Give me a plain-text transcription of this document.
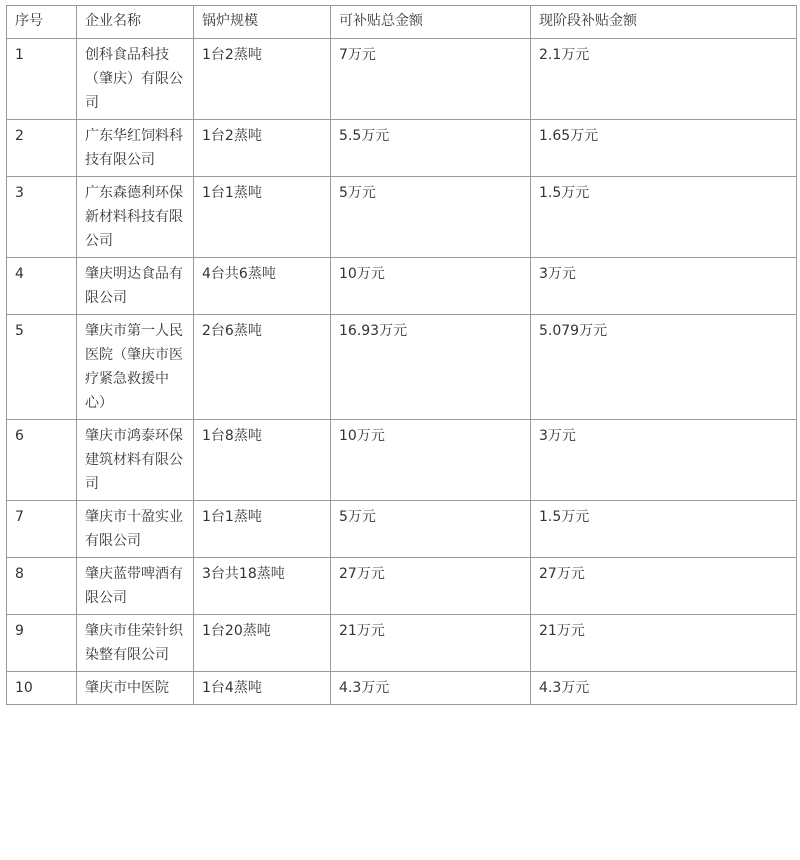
序号	企业名称	锅炉规模	可补贴总金额	现阶段补贴金额
1	创科食品科技（肇庆）有限公司	1台2蒸吨	7万元	2.1万元
2	广东华红饲料科技有限公司	1台2蒸吨	5.5万元	1.65万元
3	广东森德利环保新材料科技有限公司	1台1蒸吨	5万元	1.5万元
4	肇庆明达食品有限公司	4台共6蒸吨	10万元	3万元
5	肇庆市第一人民医院（肇庆市医疗紧急救援中心）	2台6蒸吨	16.93万元	5.079万元
6	肇庆市鸿泰环保建筑材料有限公司	1台8蒸吨	10万元	3万元
7	肇庆市十盈实业有限公司	1台1蒸吨	5万元	1.5万元
8	肇庆蓝带啤酒有限公司	3台共18蒸吨	27万元	27万元
9	肇庆市佳荣针织染整有限公司	1台20蒸吨	21万元	21万元
10	肇庆市中医院	1台4蒸吨	4.3万元	4.3万元
